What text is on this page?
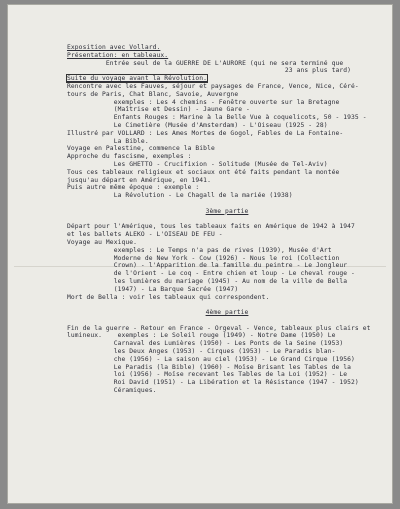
Exposition avec Vollard.
Présentation: en tableaux.
Entrée seul de la GUERRE DE L'AURORE (qui ne sera terminé que
23 ans plus tard)
Suite du voyage avant la Révolution.
Rencontre avec les Fauves, séjour et paysages de France, Vence, Nice, Céré-
tours de Paris, Chat Blanc, Savoie, Auvergne
exemples : Les 4 chemins - Fenêtre ouverte sur la Bretagne
(Maîtrise et Dessin) - Jaune Gare -
Enfants Rouges : Marine à la Belle Vue à coquelicots, 50 - 1935 -
Le Cimetière (Musée d'Amsterdam) - L'Oiseau (1925 - 28)
Illustré par VOLLARD : Les Ames Mortes de Gogol, Fables de La Fontaine-
La Bible.
Voyage en Palestine, commence la Bible
Approche du fascisme, exemples :
Les GHETTO - Crucifixion - Solitude (Musée de Tel-Aviv)
Tous ces tableaux religieux et sociaux ont été faits pendant la montée
jusqu'au départ en Amérique, en 1941.
Puis autre même époque : exemple :
La Révolution - Le Chagall de la mariée (1938)
3ème partie
Départ pour l'Amérique, tous les tableaux faits en Amérique de 1942 à 1947
et les ballets ALEKO - L'OISEAU DE FEU -
Voyage au Mexique.
exemples : Le Temps n'a pas de rives (1939), Musée d'Art
Moderne de New York - Cow (1926) - Nous le roi (Collection
Crown) - l'Apparition de la famille du peintre - Le Jongleur
de l'Orient - Le coq - Entre chien et loup - Le cheval rouge -
les lumières du mariage (1945) - Au nom de la ville de Bella
(1947) - La Barque Sacrée (1947)
Mort de Bella : voir les tableaux qui correspondent.
4ème partie
Fin de la guerre - Retour en France - Orgeval - Vence, tableaux plus clairs et
lumineux.    exemples : Le Soleil rouge (1949) - Notre Dame (1950) Le
Carnaval des Lumières (1950) - Les Ponts de la Seine (1953)
les Deux Anges (1953) - Cirques (1953) - Le Paradis blan-
che (1956) - La saison au ciel (1953) - Le Grand Cirque (1956)
Le Paradis (la Bible) (1960) - Moïse Brisant les Tables de la
loi (1956) - Moïse recevant les Tables de la Loi (1952) - Le
Roi David (1951) - La Libération et la Résistance (1947 - 1952)
Céramiques.
